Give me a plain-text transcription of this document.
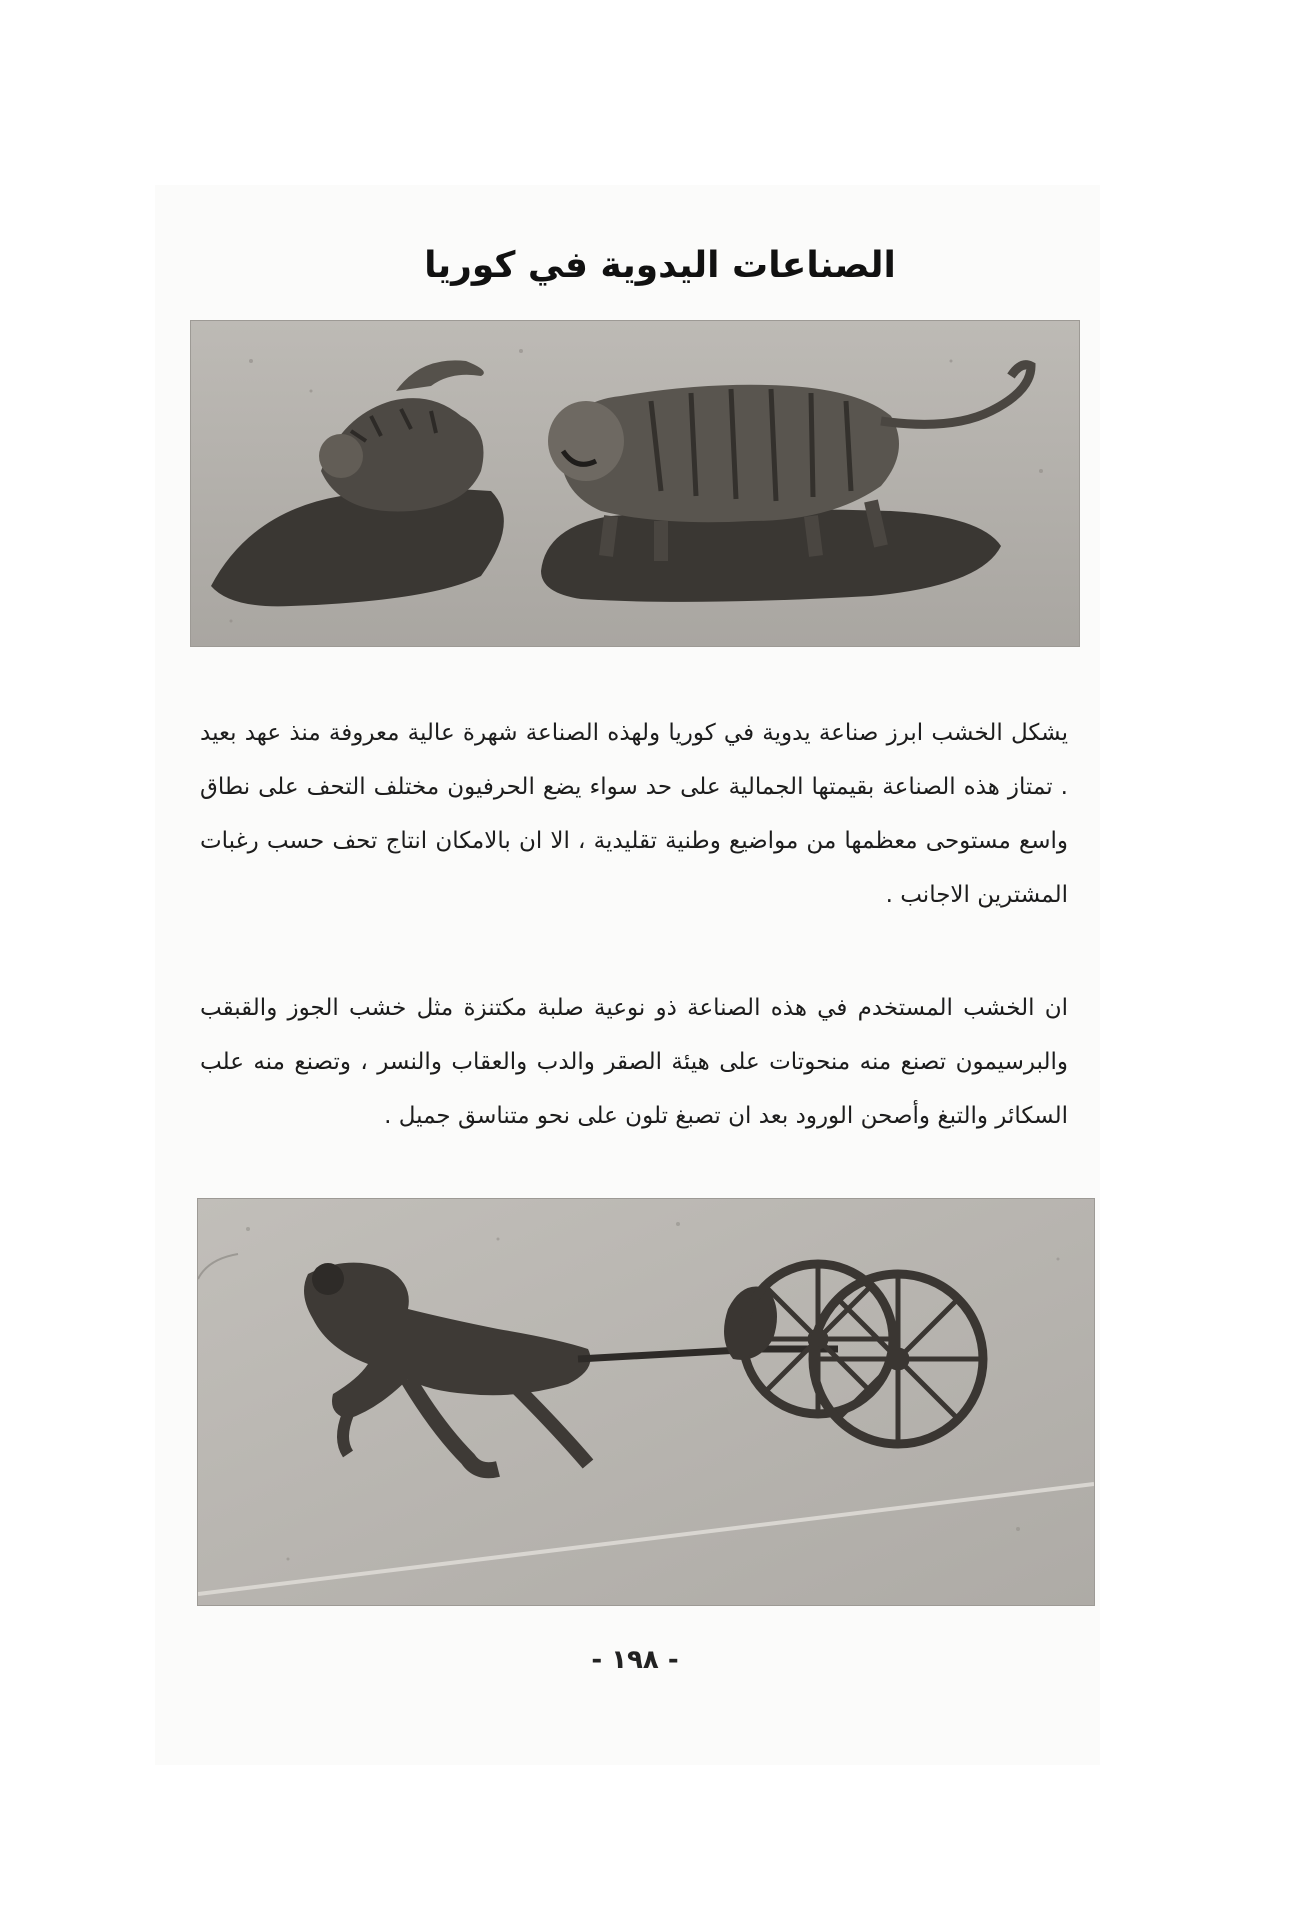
الصناعات اليدوية في كوريا

يشكل الخشب ابرز صناعة يدوية في كوريا ولهذه الصناعة شهرة عالية معروفة منذ عهد بعيد . تمتاز هذه الصناعة بقيمتها الجمالية على حد سواء يضع الحرفيون مختلف التحف على نطاق واسع مستوحى معظمها من مواضيع وطنية تقليدية ، الا ان بالامكان انتاج تحف حسب رغبات المشترين الاجانب .

ان الخشب المستخدم في هذه الصناعة ذو نوعية صلبة مكتنزة مثل خشب الجوز والقبقب والبرسيمون تصنع منه منحوتات على هيئة الصقر والدب والعقاب والنسر ، وتصنع منه علب السكائر والتبغ وأصحن الورود بعد ان تصبغ تلون على نحو متناسق جميل .

- ١٩٨ -
